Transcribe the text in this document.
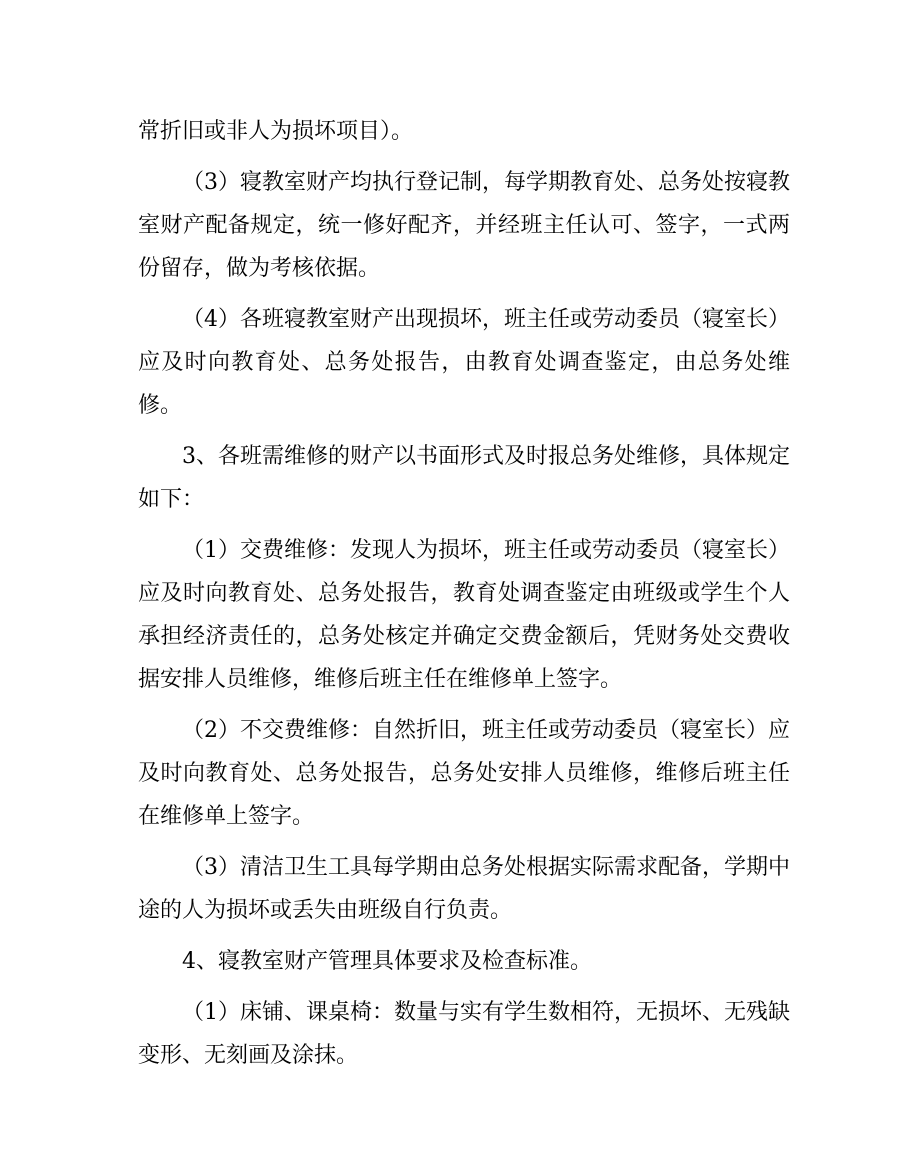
常折旧或非人为损坏项目）。

（3）寝教室财产均执行登记制，每学期教育处、总务处按寝教室财产配备规定，统一修好配齐，并经班主任认可、签字，一式两份留存，做为考核依据。

（4）各班寝教室财产出现损坏，班主任或劳动委员（寝室长）应及时向教育处、总务处报告，由教育处调查鉴定，由总务处维修。

3、各班需维修的财产以书面形式及时报总务处维修，具体规定如下：

（1）交费维修：发现人为损坏，班主任或劳动委员（寝室长）应及时向教育处、总务处报告，教育处调查鉴定由班级或学生个人承担经济责任的，总务处核定并确定交费金额后，凭财务处交费收据安排人员维修，维修后班主任在维修单上签字。

（2）不交费维修：自然折旧，班主任或劳动委员（寝室长）应及时向教育处、总务处报告，总务处安排人员维修，维修后班主任在维修单上签字。

（3）清洁卫生工具每学期由总务处根据实际需求配备，学期中途的人为损坏或丢失由班级自行负责。

4、寝教室财产管理具体要求及检查标准。

（1）床铺、课桌椅：数量与实有学生数相符，无损坏、无残缺变形、无刻画及涂抹。
